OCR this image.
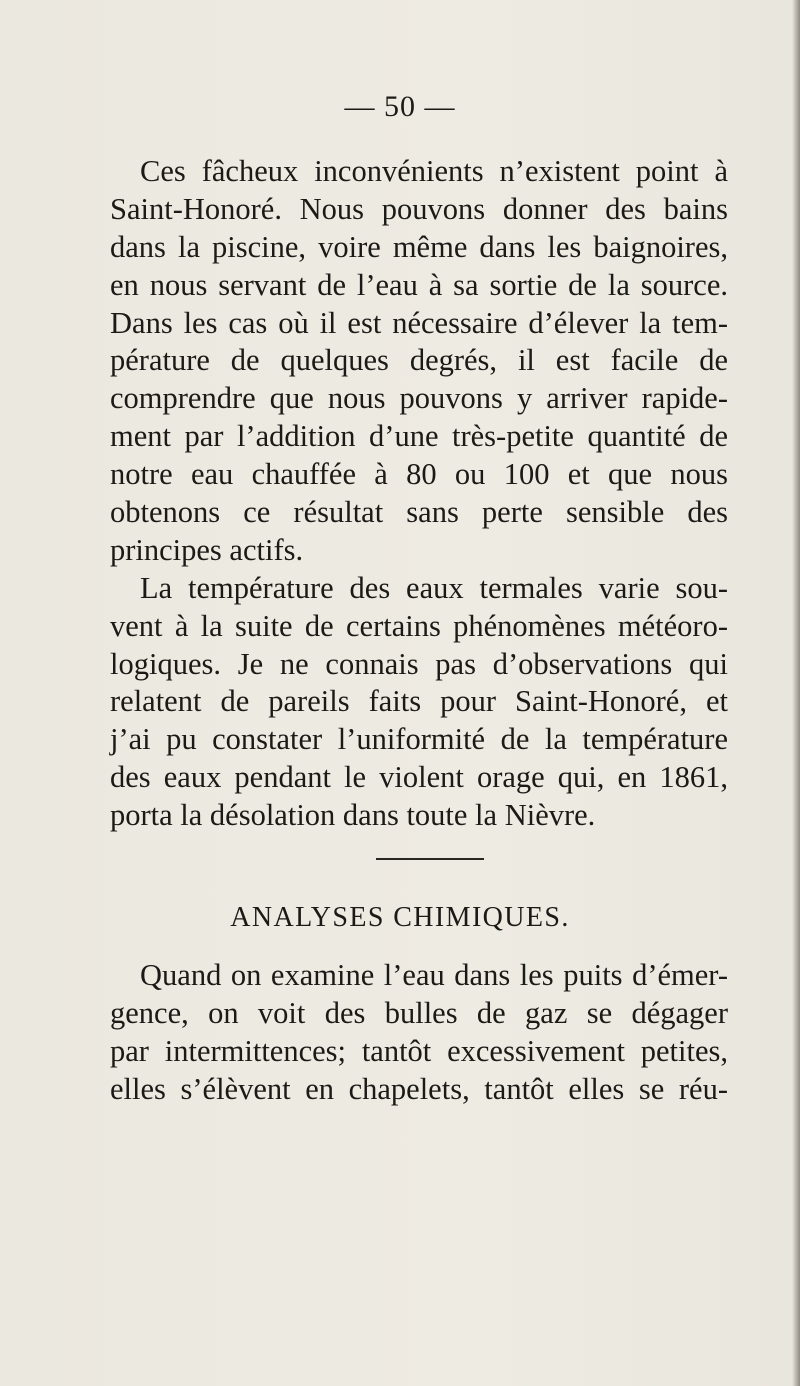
— 50 —
Ces fâcheux inconvénients n’existent point à
Saint-Honoré. Nous pouvons donner des bains
dans la piscine, voire même dans les baignoires,
en nous servant de l’eau à sa sortie de la source.
Dans les cas où il est nécessaire d’élever la tem-
pérature de quelques degrés, il est facile de
comprendre que nous pouvons y arriver rapide-
ment par l’addition d’une très-petite quantité de
notre eau chauffée à 80 ou 100 et que nous
obtenons ce résultat sans perte sensible des
principes actifs.
La température des eaux termales varie sou-
vent à la suite de certains phénomènes météoro-
logiques. Je ne connais pas d’observations qui
relatent de pareils faits pour Saint-Honoré, et
j’ai pu constater l’uniformité de la température
des eaux pendant le violent orage qui, en 1861,
porta la désolation dans toute la Nièvre.
ANALYSES CHIMIQUES.
Quand on examine l’eau dans les puits d’émer-
gence, on voit des bulles de gaz se dégager
par intermittences; tantôt excessivement petites,
elles s’élèvent en chapelets, tantôt elles se réu-
